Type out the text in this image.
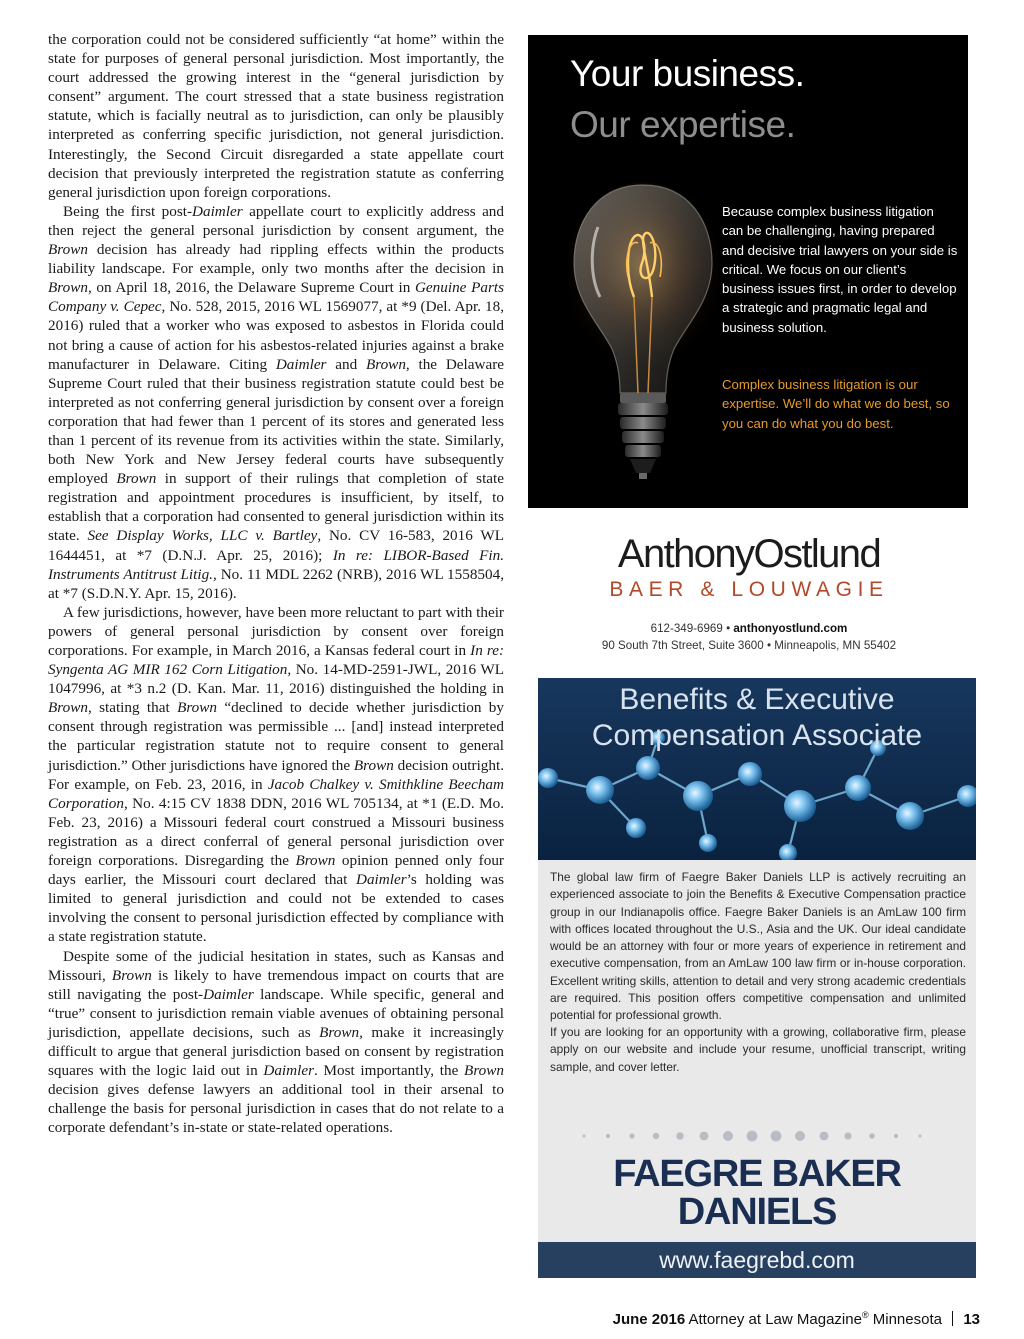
the corporation could not be considered sufficiently “at home” within the state for purposes of general personal jurisdiction. Most importantly, the court addressed the growing interest in the “general jurisdiction by consent” argument. The court stressed that a state business registration statute, which is facially neutral as to jurisdiction, can only be plausibly interpreted as conferring specific jurisdiction, not general jurisdiction. Interestingly, the Second Circuit disregarded a state appellate court decision that previously interpreted the registration statute as conferring general jurisdiction upon foreign corporations.

Being the first post-Daimler appellate court to explicitly address and then reject the general personal jurisdiction by consent argument, the Brown decision has already had rippling effects within the products liability landscape. For example, only two months after the decision in Brown, on April 18, 2016, the Delaware Supreme Court in Genuine Parts Company v. Cepec, No. 528, 2015, 2016 WL 1569077, at *9 (Del. Apr. 18, 2016) ruled that a worker who was exposed to asbestos in Florida could not bring a cause of action for his asbestos-related injuries against a brake manufacturer in Delaware. Citing Daimler and Brown, the Delaware Supreme Court ruled that their business registration statute could best be interpreted as not conferring general jurisdiction by consent over a foreign corporation that had fewer than 1 percent of its stores and generated less than 1 percent of its revenue from its activities within the state. Similarly, both New York and New Jersey federal courts have subsequently employed Brown in support of their rulings that completion of state registration and appointment procedures is insufficient, by itself, to establish that a corporation had consented to general jurisdiction within its state. See Display Works, LLC v. Bartley, No. CV 16-583, 2016 WL 1644451, at *7 (D.N.J. Apr. 25, 2016); In re: LIBOR-Based Fin. Instruments Antitrust Litig., No. 11 MDL 2262 (NRB), 2016 WL 1558504, at *7 (S.D.N.Y. Apr. 15, 2016).

A few jurisdictions, however, have been more reluctant to part with their powers of general personal jurisdiction by consent over foreign corporations. For example, in March 2016, a Kansas federal court in In re: Syngenta AG MIR 162 Corn Litigation, No. 14-MD-2591-JWL, 2016 WL 1047996, at *3 n.2 (D. Kan. Mar. 11, 2016) distinguished the holding in Brown, stating that Brown “declined to decide whether jurisdiction by consent through registration was permissible ... [and] instead interpreted the particular registration statute not to require consent to general jurisdiction.” Other jurisdictions have ignored the Brown decision outright. For example, on Feb. 23, 2016, in Jacob Chalkey v. Smithkline Beecham Corporation, No. 4:15 CV 1838 DDN, 2016 WL 705134, at *1 (E.D. Mo. Feb. 23, 2016) a Missouri federal court construed a Missouri business registration as a direct conferral of general personal jurisdiction over foreign corporations. Disregarding the Brown opinion penned only four days earlier, the Missouri court declared that Daimler’s holding was limited to general jurisdiction and could not be extended to cases involving the consent to personal jurisdiction effected by compliance with a state registration statute.

Despite some of the judicial hesitation in states, such as Kansas and Missouri, Brown is likely to have tremendous impact on courts that are still navigating the post-Daimler landscape. While specific, general and “true” consent to jurisdiction remain viable avenues of obtaining personal jurisdiction, appellate decisions, such as Brown, make it increasingly difficult to argue that general jurisdiction based on consent by registration squares with the logic laid out in Daimler. Most importantly, the Brown decision gives defense lawyers an additional tool in their arsenal to challenge the basis for personal jurisdiction in cases that do not relate to a corporate defendant’s in-state or state-related operations.

Your business.
Our expertise.
Because complex business litigation can be challenging, having prepared and decisive trial lawyers on your side is critical. We focus on our client’s business issues first, in order to develop a strategic and pragmatic legal and business solution.
Complex business litigation is our expertise. We’ll do what we do best, so you can do what you do best.
AnthonyOstlund
BAER & LOUWAGIE
612-349-6969 • anthonyostlund.com
90 South 7th Street, Suite 3600 • Minneapolis, MN 55402
Benefits & Executive
Compensation Associate
The global law firm of Faegre Baker Daniels LLP is actively recruiting an experienced associate to join the Benefits & Executive Compensation practice group in our Indianapolis office. Faegre Baker Daniels is an AmLaw 100 firm with offices located throughout the U.S., Asia and the UK. Our ideal candidate would be an attorney with four or more years of experience in retirement and executive compensation, from an AmLaw 100 law firm or in-house corporation. Excellent writing skills, attention to detail and very strong academic credentials are required. This position offers competitive compensation and unlimited potential for professional growth.
If you are looking for an opportunity with a growing, collaborative firm, please apply on our website and include your resume, unofficial transcript, writing sample, and cover letter.
FAEGRE BAKER
DANIELS
www.faegrebd.com
June 2016 Attorney at Law Magazine® Minnesota 13
